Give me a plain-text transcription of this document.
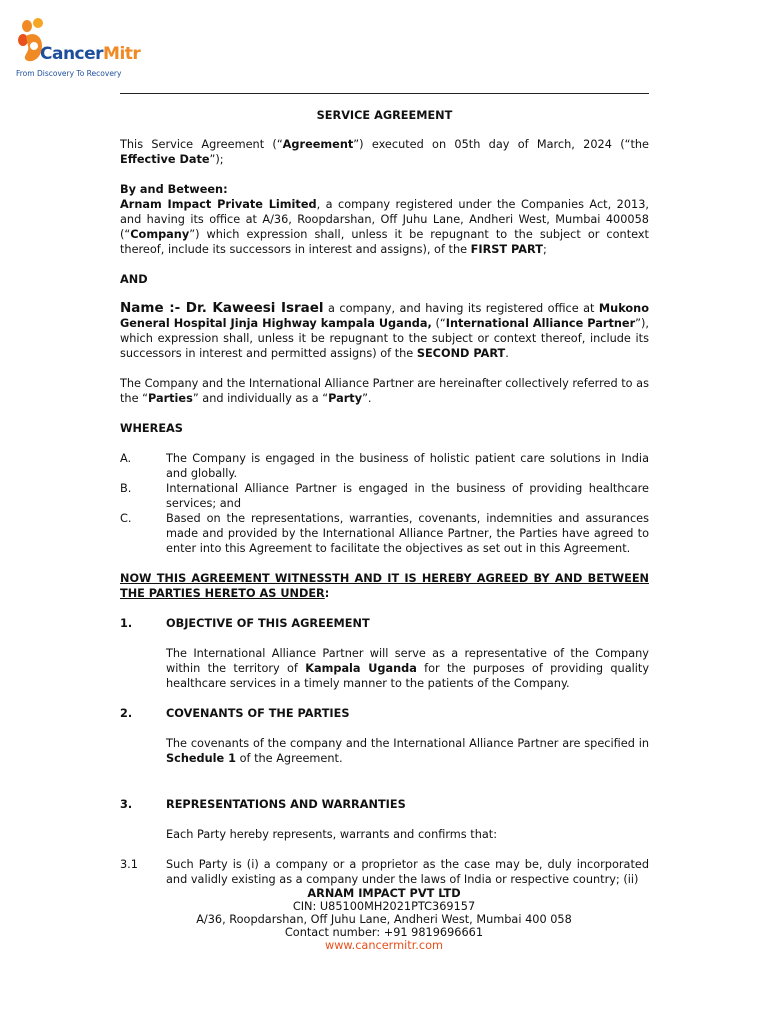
CancerMitr
From Discovery To Recovery

SERVICE AGREEMENT

This Service Agreement (“Agreement”) executed on 05th day of March, 2024 (“the Effective Date”);

By and Between:

Arnam Impact Private Limited, a company registered under the Companies Act, 2013, and having its office at A/36, Roopdarshan, Off Juhu Lane, Andheri West, Mumbai 400058 (“Company”) which expression shall, unless it be repugnant to the subject or context thereof, include its successors in interest and assigns), of the FIRST PART;

AND

Name :- Dr. Kaweesi Israel a company, and having its registered office at Mukono General Hospital Jinja Highway kampala Uganda, (“International Alliance Partner”), which expression shall, unless it be repugnant to the subject or context thereof, include its successors in interest and permitted assigns) of the SECOND PART.

The Company and the International Alliance Partner are hereinafter collectively referred to as the “Parties” and individually as a “Party”.

WHEREAS

A.	The Company is engaged in the business of holistic patient care solutions in India and globally.
B.	International Alliance Partner is engaged in the business of providing healthcare services; and
C.	Based on the representations, warranties, covenants, indemnities and assurances made and provided by the International Alliance Partner, the Parties have agreed to enter into this Agreement to facilitate the objectives as set out in this Agreement.

NOW THIS AGREEMENT WITNESSTH AND IT IS HEREBY AGREED BY AND BETWEEN THE PARTIES HERETO AS UNDER:

1.	OBJECTIVE OF THIS AGREEMENT

The International Alliance Partner will serve as a representative of the Company within the territory of Kampala Uganda for the purposes of providing quality healthcare services in a timely manner to the patients of the Company.

2.	COVENANTS OF THE PARTIES

The covenants of the company and the International Alliance Partner are specified in Schedule 1 of the Agreement.

3.	REPRESENTATIONS AND WARRANTIES

Each Party hereby represents, warrants and confirms that:

3.1	Such Party is (i) a company or a proprietor as the case may be, duly incorporated and validly existing as a company under the laws of India or respective country; (ii)
ARNAM IMPACT PVT LTD
CIN: U85100MH2021PTC369157
A/36, Roopdarshan, Off Juhu Lane, Andheri West, Mumbai 400 058
Contact number: +91 9819696661
www.cancermitr.com
